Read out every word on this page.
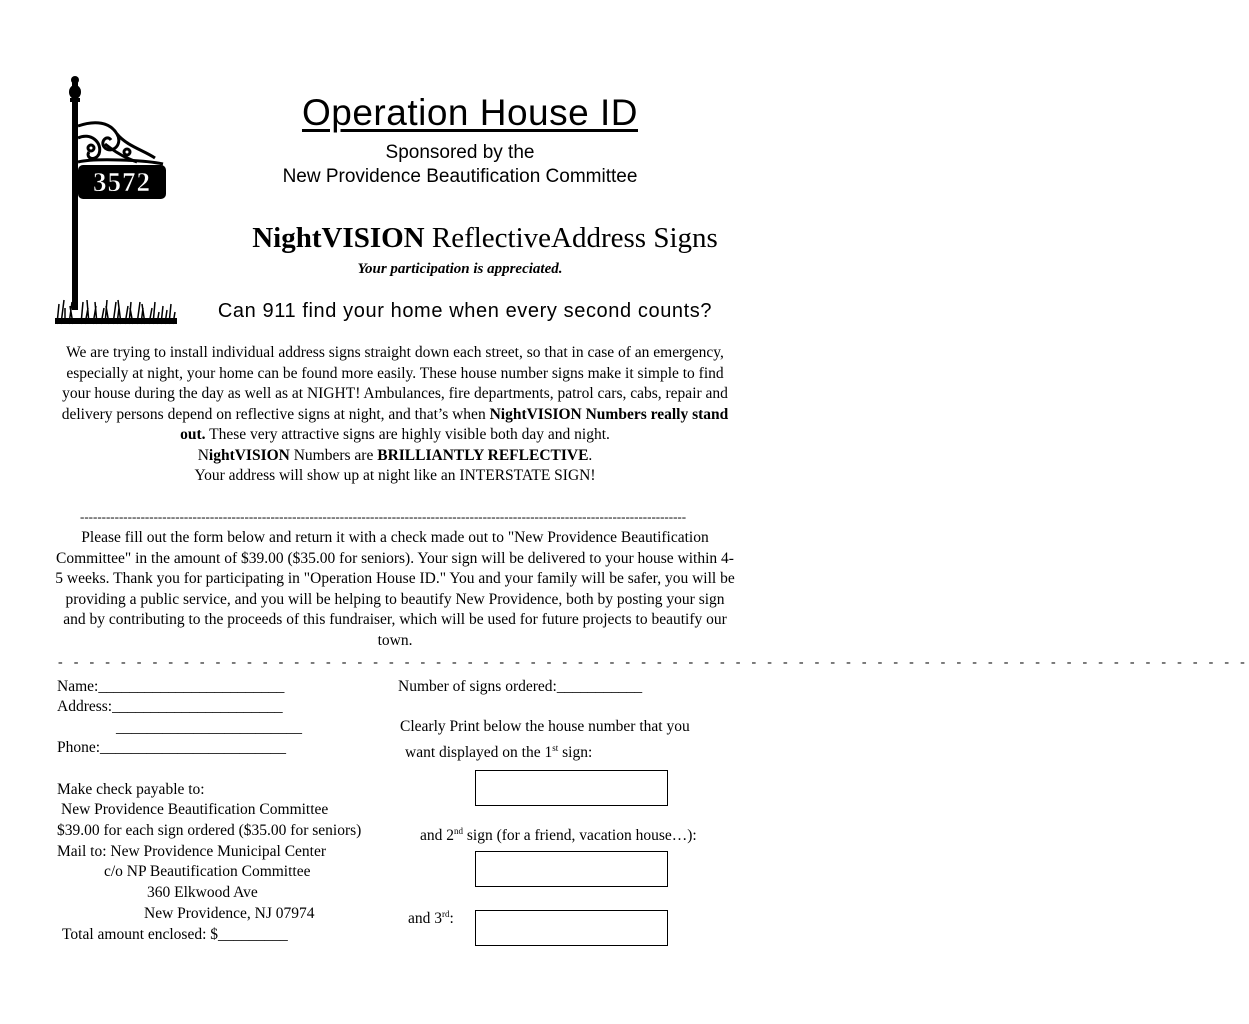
3572
Operation House ID
Sponsored by the
New Providence Beautification Committee
NightVISION ReflectiveAddress Signs
Your participation is appreciated.
Can 911 find your home when every second counts?
We are trying to install individual address signs straight down each street, so that in case of an emergency, especially at night, your home can be found more easily. These house number signs make it simple to find your house during the day as well as at NIGHT! Ambulances, fire departments, patrol cars, cabs, repair and delivery persons depend on reflective signs at night, and that’s when NightVISION Numbers really stand out. These very attractive signs are highly visible both day and night.
NightVISION Numbers are BRILLIANTLY REFLECTIVE.
Your address will show up at night like an INTERSTATE SIGN!
--------------------------------------------------------------------------------------------------------------------------------------------
Please fill out the form below and return it with a check made out to "New Providence Beautification Committee" in the amount of $39.00 ($35.00 for seniors). Your sign will be delivered to your house within 4-5 weeks. Thank you for participating in "Operation House ID." You and your family will be safer, you will be providing a public service, and you will be helping to beautify New Providence, both by posting your sign and by contributing to the proceeds of this fundraiser, which will be used for future projects to beautify our town.
- - - - - - - - - - - - - - - - - - - - - - - - - - - - - - - - - - - - - - - - - - - - - - - - - - - - - - - - - - - - - - - - - - - - - - - - - - - -
Name:________________________
Address:______________________
________________________
Phone:________________________
Number of signs ordered:___________
Clearly Print below the house number that you
want displayed on the 1st sign:
Make check payable to:
New Providence Beautification Committee
$39.00 for each sign ordered ($35.00 for seniors)	and 2nd sign (for a friend, vacation house…):
Mail to: New Providence Municipal Center
c/o NP Beautification Committee
360 Elkwood Ave
New Providence, NJ 07974	and 3rd:
Total amount enclosed: $_________
